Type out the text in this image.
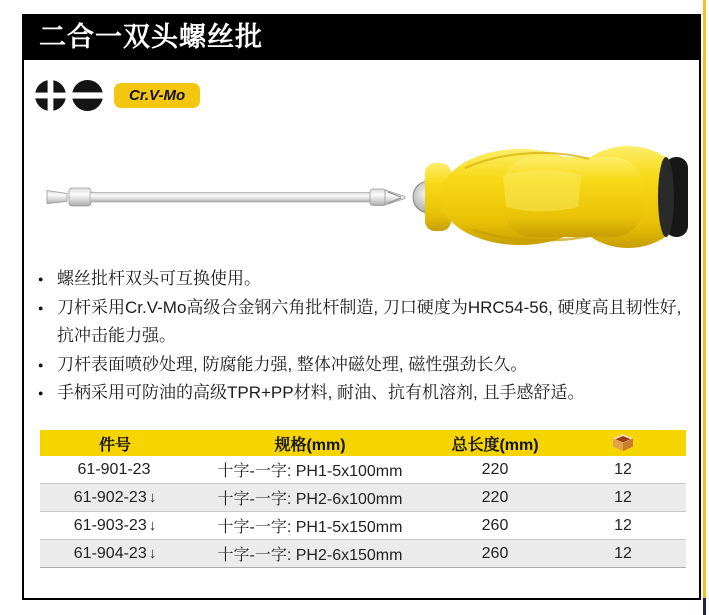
二合一双头螺丝批
Cr.V-Mo
● 螺丝批杆双头可互换使用。
● 刀杆采用Cr.V-Mo高级合金钢六角批杆制造, 刀口硬度为HRC54-56, 硬度高且韧性好, 抗冲击能力强。
● 刀杆表面喷砂处理, 防腐能力强, 整体冲磁处理, 磁性强劲长久。
● 手柄采用可防油的高级TPR+PP材料, 耐油、抗有机溶剂, 且手感舒适。
件号	规格(mm)	总长度(mm)
61-901-23	十字-一字: PH1-5x100mm	220	12
61-902-23 ↓	十字-一字: PH2-6x100mm	220	12
61-903-23 ↓	十字-一字: PH1-5x150mm	260	12
61-904-23 ↓	十字-一字: PH2-6x150mm	260	12
